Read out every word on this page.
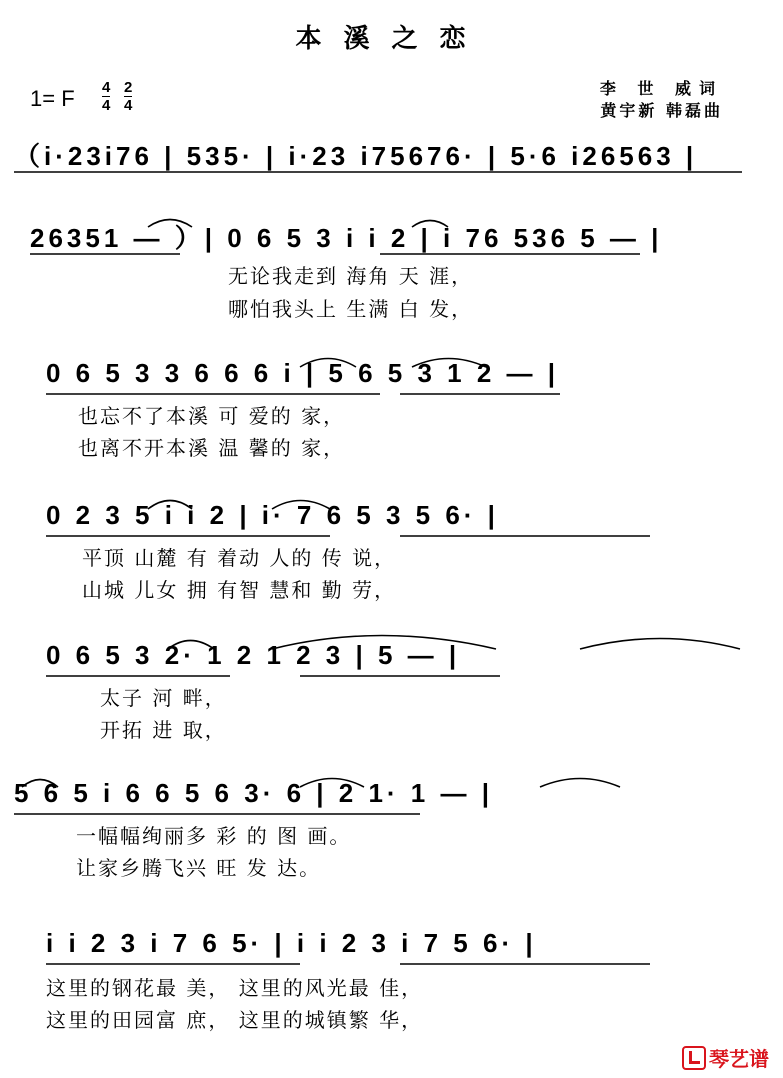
本溪之恋
1= F 4
4
2
4
李 世 威词
黄宇新 韩磊曲
（i·23i76 | 535· | i·23 i75676· | 5·6 i26563 |
26351 — ）| 0 6 5 3 i i 2 | i 76 536 5 — |
无论我走到 海角 天 涯，
哪怕我头上 生满 白 发，
0 6 5 3 3 6 6 6 i | 5 6 5 3 1 2 — |
也忘不了本溪 可 爱的 家，
也离不开本溪 温 馨的 家，
0 2 3 5 i i 2 | i· 7 6 5 3 5 6· |
平顶 山麓 有 着动 人的 传 说，
山城 儿女 拥 有智 慧和 勤 劳，
0 6 5 3 2· 1 2 1 2 3 | 5 — |
太子 河 畔，
开拓 进 取，
5 6 5 i 6 6 5 6 3· 6 | 2 1· 1 — |
一幅幅绚丽多 彩 的 图 画。
让家乡腾飞兴 旺 发 达。
i i 2 3 i 7 6 5· | i i 2 3 i 7 5 6· |
这里的钢花最 美， 这里的风光最 佳，
这里的田园富 庶， 这里的城镇繁 华，
琴艺谱
